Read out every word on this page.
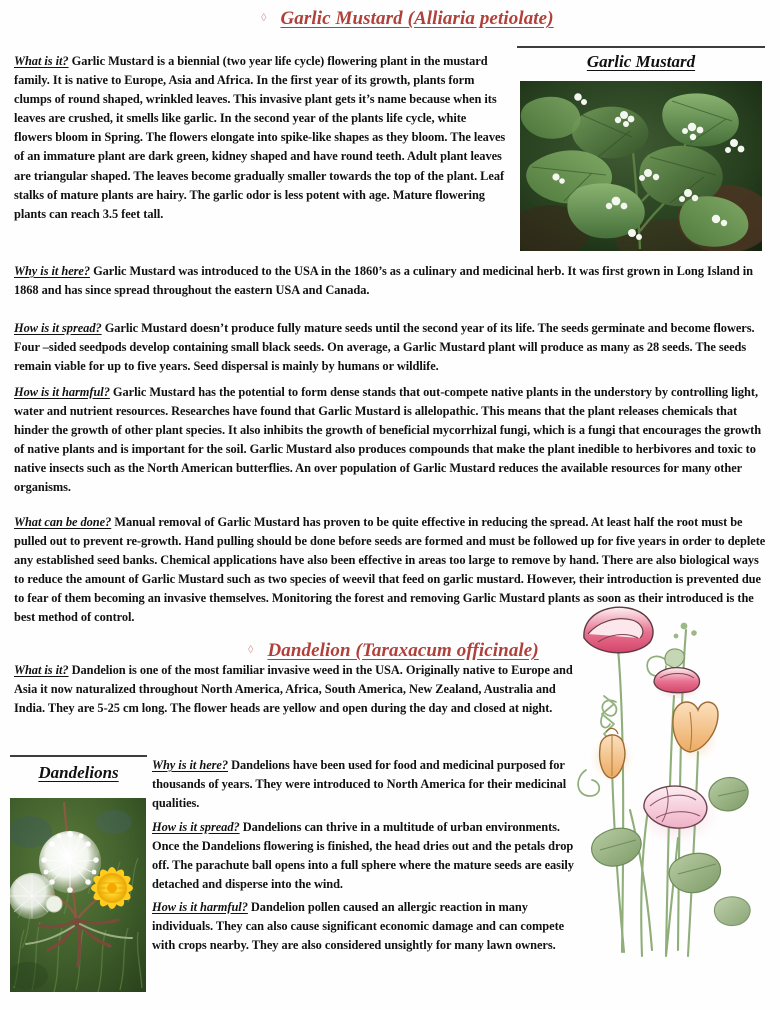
◊ Garlic Mustard (Alliaria petiolate)
Garlic Mustard
What is it? Garlic Mustard is a biennial (two year life cycle) flowering plant in the mustard family. It is native to Europe, Asia and Africa. In the first year of its growth, plants form clumps of round shaped, wrinkled leaves. This invasive plant gets it’s name because when its leaves are crushed, it smells like garlic. In the second year of the plants life cycle, white flowers bloom in Spring. The flowers elongate into spike-like shapes as they bloom. The leaves of an immature plant are dark green, kidney shaped and have round teeth. Adult plant leaves are triangular shaped. The leaves become gradually smaller towards the top of the plant. Leaf stalks of mature plants are hairy. The garlic odor is less potent with age. Mature flowering plants can reach 3.5 feet tall.
Why is it here? Garlic Mustard was introduced to the USA in the 1860’s as a culinary and medicinal herb. It was first grown in Long Island in 1868 and has since spread throughout the eastern USA and Canada.
How is it spread? Garlic Mustard doesn’t produce fully mature seeds until the second year of its life. The seeds germinate and become flowers. Four –sided seedpods develop containing small black seeds. On average, a Garlic Mustard plant will produce as many as 28 seeds. The seeds remain viable for up to five years. Seed dispersal is mainly by humans or wildlife.
How is it harmful? Garlic Mustard has the potential to form dense stands that out-compete native plants in the understory by controlling light, water and nutrient resources. Researches have found that Garlic Mustard is allelopathic. This means that the plant releases chemicals that hinder the growth of other plant species. It also inhibits the growth of beneficial mycorrhizal fungi, which is a fungi that encourages the growth of native plants and is important for the soil. Garlic Mustard also produces compounds that make the plant inedible to herbivores and toxic to native insects such as the North American butterflies. An over population of Garlic Mustard reduces the available resources for many other organisms.
What can be done? Manual removal of Garlic Mustard has proven to be quite effective in reducing the spread. At least half the root must be pulled out to prevent re-growth. Hand pulling should be done before seeds are formed and must be followed up for five years in order to deplete any established seed banks. Chemical applications have also been effective in areas too large to remove by hand. There are also biological ways to reduce the amount of Garlic Mustard such as two species of weevil that feed on garlic mustard. However, their introduction is prevented due to fear of them becoming an invasive themselves. Monitoring the forest and removing Garlic Mustard plants as soon as their introduced is the best method of control.
◊ Dandelion (Taraxacum officinale)
What is it? Dandelion is one of the most familiar invasive weed in the USA. Originally native to Europe and Asia it now naturalized throughout North America, Africa, South America, New Zealand, Australia and India. They are 5-25 cm long. The flower heads are yellow and open during the day and closed at night.
Dandelions	Why is it here? Dandelions have been used for food and medicinal purposed for thousands of years. They were introduced to North America for their medicinal qualities.
How is it spread? Dandelions can thrive in a multitude of urban environments. Once the Dandelions flowering is finished, the head dries out and the petals drop off. The parachute ball opens into a full sphere where the mature seeds are easily detached and disperse into the wind.
How is it harmful? Dandelion pollen caused an allergic reaction in many individuals. They can also cause significant economic damage and can compete with crops nearby. They are also considered unsightly for many lawn owners.
